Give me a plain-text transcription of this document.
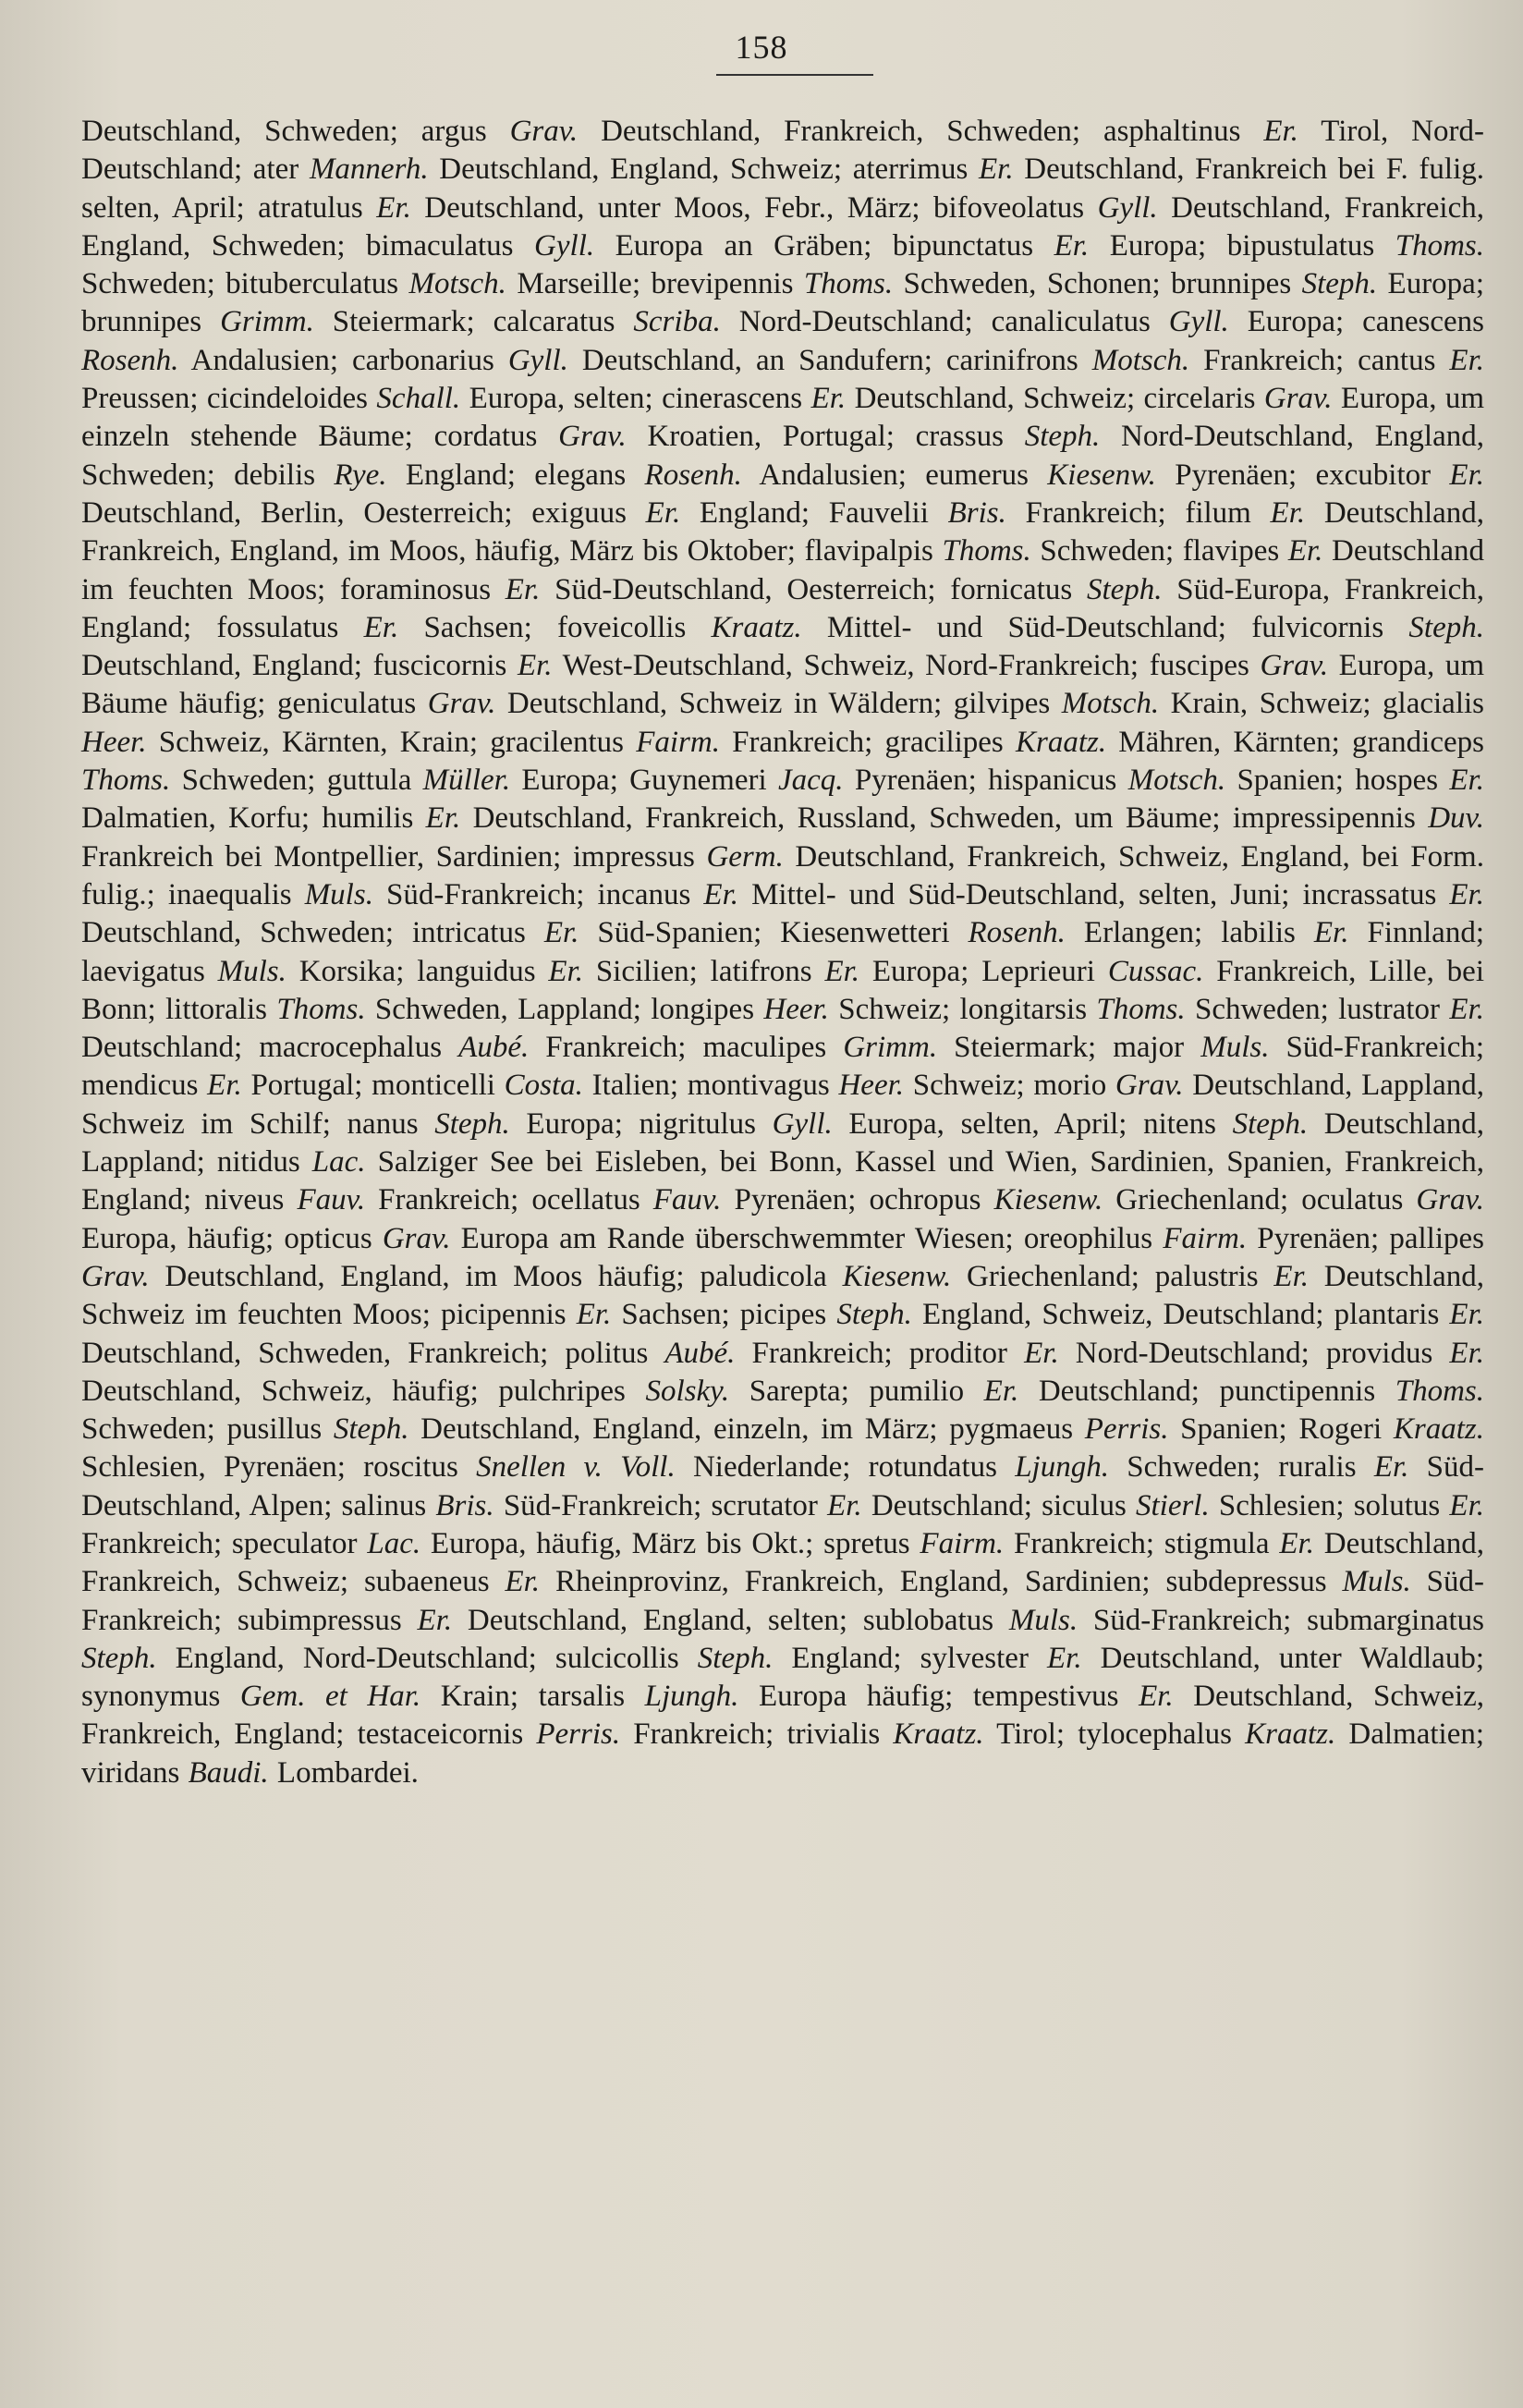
158
Deutschland, Schweden; argus Grav. Deutschland, Frankreich, Schweden; asphaltinus Er. Tirol, Nord-Deutschland; ater Mannerh. Deutschland, England, Schweiz; aterrimus Er. Deutschland, Frankreich bei F. fulig. selten, April; atratulus Er. Deutschland, unter Moos, Febr., März; bifoveolatus Gyll. Deutschland, Frankreich, England, Schweden; bimaculatus Gyll. Europa an Gräben; bipunctatus Er. Europa; bipustulatus Thoms. Schweden; bituberculatus Motsch. Marseille; brevipennis Thoms. Schweden, Schonen; brunnipes Steph. Europa; brunnipes Grimm. Steiermark; calcaratus Scriba. Nord-Deutschland; canaliculatus Gyll. Europa; canescens Rosenh. Andalusien; carbonarius Gyll. Deutschland, an Sandufern; carinifrons Motsch. Frankreich; cantus Er. Preussen; cicindeloides Schall. Europa, selten; cinerascens Er. Deutschland, Schweiz; circelaris Grav. Europa, um einzeln stehende Bäume; cordatus Grav. Kroatien, Portugal; crassus Steph. Nord-Deutschland, England, Schweden; debilis Rye. England; elegans Rosenh. Andalusien; eumerus Kiesenw. Pyrenäen; excubitor Er. Deutschland, Berlin, Oesterreich; exiguus Er. England; Fauvelii Bris. Frankreich; filum Er. Deutschland, Frankreich, England, im Moos, häufig, März bis Oktober; flavipalpis Thoms. Schweden; flavipes Er. Deutschland im feuchten Moos; foraminosus Er. Süd-Deutschland, Oesterreich; fornicatus Steph. Süd-Europa, Frankreich, England; fossulatus Er. Sachsen; foveicollis Kraatz. Mittel- und Süd-Deutschland; fulvicornis Steph. Deutschland, England; fuscicornis Er. West-Deutschland, Schweiz, Nord-Frankreich; fuscipes Grav. Europa, um Bäume häufig; geniculatus Grav. Deutschland, Schweiz in Wäldern; gilvipes Motsch. Krain, Schweiz; glacialis Heer. Schweiz, Kärnten, Krain; gracilentus Fairm. Frankreich; gracilipes Kraatz. Mähren, Kärnten; grandiceps Thoms. Schweden; guttula Müller. Europa; Guynemeri Jacq. Pyrenäen; hispanicus Motsch. Spanien; hospes Er. Dalmatien, Korfu; humilis Er. Deutschland, Frankreich, Russland, Schweden, um Bäume; impressipennis Duv. Frankreich bei Montpellier, Sardinien; impressus Germ. Deutschland, Frankreich, Schweiz, England, bei Form. fulig.; inaequalis Muls. Süd-Frankreich; incanus Er. Mittel- und Süd-Deutschland, selten, Juni; incrassatus Er. Deutschland, Schweden; intricatus Er. Süd-Spanien; Kiesenwetteri Rosenh. Erlangen; labilis Er. Finnland; laevigatus Muls. Korsika; languidus Er. Sicilien; latifrons Er. Europa; Leprieuri Cussac. Frankreich, Lille, bei Bonn; littoralis Thoms. Schweden, Lappland; longipes Heer. Schweiz; longitarsis Thoms. Schweden; lustrator Er. Deutschland; macrocephalus Aubé. Frankreich; maculipes Grimm. Steiermark; major Muls. Süd-Frankreich; mendicus Er. Portugal; monticelli Costa. Italien; montivagus Heer. Schweiz; morio Grav. Deutschland, Lappland, Schweiz im Schilf; nanus Steph. Europa; nigritulus Gyll. Europa, selten, April; nitens Steph. Deutschland, Lappland; nitidus Lac. Salziger See bei Eisleben, bei Bonn, Kassel und Wien, Sardinien, Spanien, Frankreich, England; niveus Fauv. Frankreich; ocellatus Fauv. Pyrenäen; ochropus Kiesenw. Griechenland; oculatus Grav. Europa, häufig; opticus Grav. Europa am Rande überschwemmter Wiesen; oreophilus Fairm. Pyrenäen; pallipes Grav. Deutschland, England, im Moos häufig; paludicola Kiesenw. Griechenland; palustris Er. Deutschland, Schweiz im feuchten Moos; picipennis Er. Sachsen; picipes Steph. England, Schweiz, Deutschland; plantaris Er. Deutschland, Schweden, Frankreich; politus Aubé. Frankreich; proditor Er. Nord-Deutschland; providus Er. Deutschland, Schweiz, häufig; pulchripes Solsky. Sarepta; pumilio Er. Deutschland; punctipennis Thoms. Schweden; pusillus Steph. Deutschland, England, einzeln, im März; pygmaeus Perris. Spanien; Rogeri Kraatz. Schlesien, Pyrenäen; roscitus Snellen v. Voll. Niederlande; rotundatus Ljungh. Schweden; ruralis Er. Süd-Deutschland, Alpen; salinus Bris. Süd-Frankreich; scrutator Er. Deutschland; siculus Stierl. Schlesien; solutus Er. Frankreich; speculator Lac. Europa, häufig, März bis Okt.; spretus Fairm. Frankreich; stigmula Er. Deutschland, Frankreich, Schweiz; subaeneus Er. Rheinprovinz, Frankreich, England, Sardinien; subdepressus Muls. Süd-Frankreich; subimpressus Er. Deutschland, England, selten; sublobatus Muls. Süd-Frankreich; submarginatus Steph. England, Nord-Deutschland; sulcicollis Steph. England; sylvester Er. Deutschland, unter Waldlaub; synonymus Gem. et Har. Krain; tarsalis Ljungh. Europa häufig; tempestivus Er. Deutschland, Schweiz, Frankreich, England; testaceicornis Perris. Frankreich; trivialis Kraatz. Tirol; tylocephalus Kraatz. Dalmatien; viridans Baudi. Lombardei.
